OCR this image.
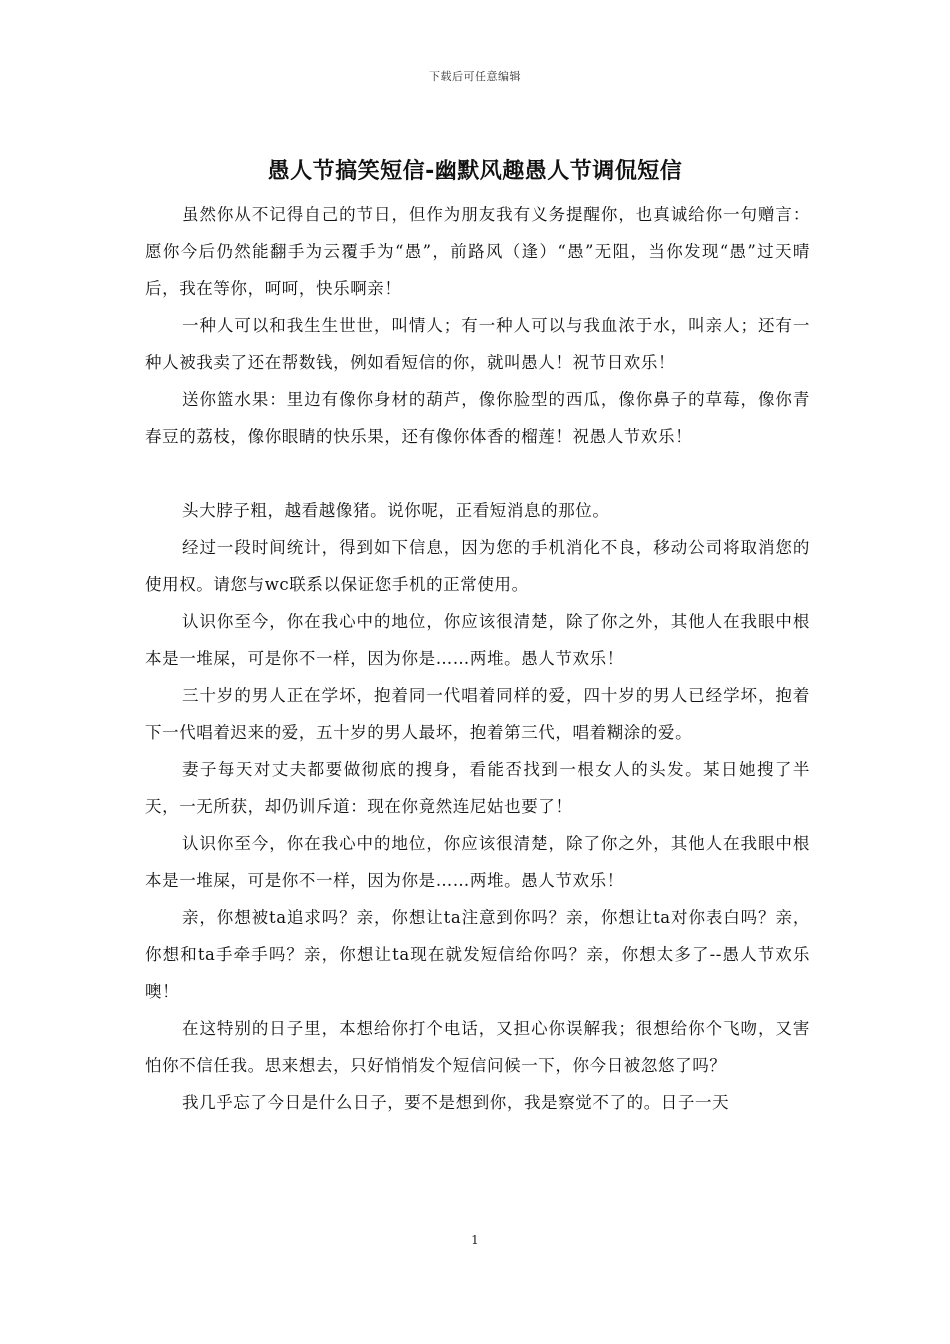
下载后可任意编辑
愚人节搞笑短信-幽默风趣愚人节调侃短信

虽然你从不记得自己的节日，但作为朋友我有义务提醒你，也真诚给你一句赠言：愿你今后仍然能翻手为云覆手为“愚”，前路风（逢）“愚”无阻，当你发现“愚”过天晴后，我在等你，呵呵，快乐啊亲！

一种人可以和我生生世世，叫情人；有一种人可以与我血浓于水，叫亲人；还有一种人被我卖了还在帮数钱，例如看短信的你，就叫愚人！祝节日欢乐！

送你篮水果：里边有像你身材的葫芦，像你脸型的西瓜，像你鼻子的草莓，像你青春豆的荔枝，像你眼睛的快乐果，还有像你体香的榴莲！祝愚人节欢乐！

头大脖子粗，越看越像猪。说你呢，正看短消息的那位。

经过一段时间统计，得到如下信息，因为您的手机消化不良，移动公司将取消您的使用权。请您与wc联系以保证您手机的正常使用。

认识你至今，你在我心中的地位，你应该很清楚，除了你之外，其他人在我眼中根本是一堆屎，可是你不一样，因为你是……两堆。愚人节欢乐！

三十岁的男人正在学坏，抱着同一代唱着同样的爱，四十岁的男人已经学坏，抱着下一代唱着迟来的爱，五十岁的男人最坏，抱着第三代，唱着糊涂的爱。

妻子每天对丈夫都要做彻底的搜身，看能否找到一根女人的头发。某日她搜了半天，一无所获，却仍训斥道：现在你竟然连尼姑也要了！

认识你至今，你在我心中的地位，你应该很清楚，除了你之外，其他人在我眼中根本是一堆屎，可是你不一样，因为你是……两堆。愚人节欢乐！

亲，你想被ta追求吗？亲，你想让ta注意到你吗？亲，你想让ta对你表白吗？亲，你想和ta手牵手吗？亲，你想让ta现在就发短信给你吗？亲，你想太多了--愚人节欢乐噢！

在这特别的日子里，本想给你打个电话，又担心你误解我；很想给你个飞吻，又害怕你不信任我。思来想去，只好悄悄发个短信问候一下，你今日被忽悠了吗？

我几乎忘了今日是什么日子，要不是想到你，我是察觉不了的。日子一天

1
